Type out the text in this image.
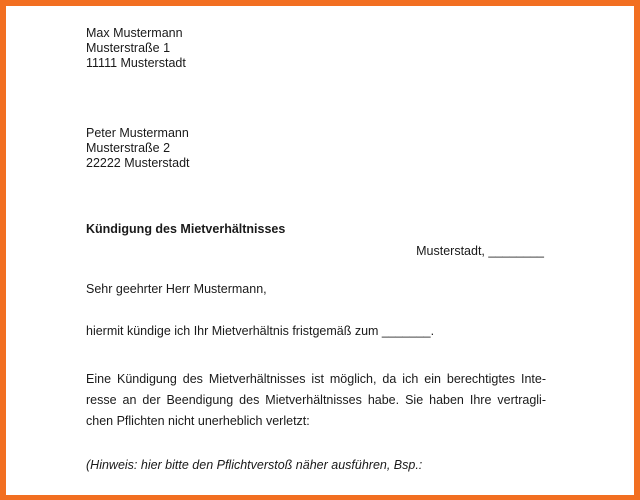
Max Mustermann
Musterstraße 1
11111 Musterstadt
Peter Mustermann
Musterstraße 2
22222 Musterstadt
Kündigung des Mietverhältnisses
Musterstadt, ________
Sehr geehrter Herr Mustermann,
hiermit kündige ich Ihr Mietverhältnis fristgemäß zum _______.
Eine Kündigung des Mietverhältnisses ist möglich, da ich ein berechtigtes Inte-
resse an der Beendigung des Mietverhältnisses habe. Sie haben Ihre vertragli-
chen Pflichten nicht unerheblich verletzt:
(Hinweis: hier bitte den Pflichtverstoß näher ausführen, Bsp.:
